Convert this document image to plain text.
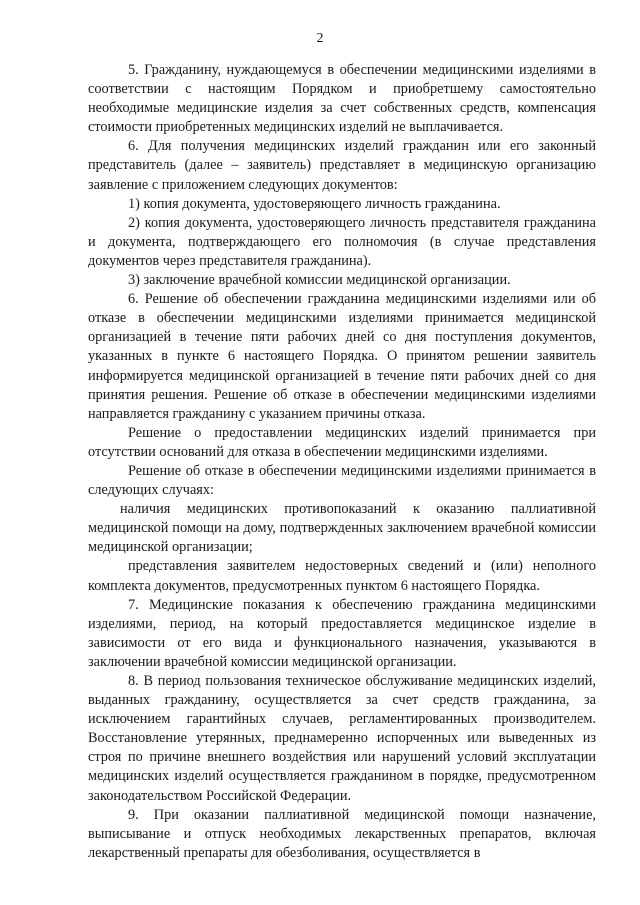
2

5. Гражданину, нуждающемуся в обеспечении медицинскими изделиями в соответствии с настоящим Порядком и приобретшему самостоятельно необходимые медицинские изделия за счет собственных средств, компенсация стоимости приобретенных медицинских изделий не выплачивается.

6. Для получения медицинских изделий гражданин или его законный представитель (далее – заявитель) представляет в медицинскую организацию заявление с приложением следующих документов:

1) копия документа, удостоверяющего личность гражданина.

2) копия документа, удостоверяющего личность представителя гражданина и документа, подтверждающего его полномочия (в случае представления документов через представителя гражданина).

3) заключение врачебной комиссии медицинской организации.

6. Решение об обеспечении гражданина медицинскими изделиями или об отказе в обеспечении медицинскими изделиями принимается медицинской организацией в течение пяти рабочих дней со дня поступления документов, указанных в пункте 6 настоящего Порядка. О принятом решении заявитель информируется медицинской организацией в течение пяти рабочих дней со дня принятия решения. Решение об отказе в обеспечении медицинскими изделиями направляется гражданину с указанием причины отказа.

Решение о предоставлении медицинских изделий принимается при отсутствии оснований для отказа в обеспечении медицинскими изделиями.

Решение об отказе в обеспечении медицинскими изделиями принимается в следующих случаях:

наличия медицинских противопоказаний к оказанию паллиативной медицинской помощи на дому, подтвержденных заключением врачебной комиссии медицинской организации;

представления заявителем недостоверных сведений и (или) неполного комплекта документов, предусмотренных пунктом 6 настоящего Порядка.

7. Медицинские показания к обеспечению гражданина медицинскими изделиями, период, на который предоставляется медицинское изделие в зависимости от его вида и функционального назначения, указываются в заключении врачебной комиссии медицинской организации.

8. В период пользования техническое обслуживание медицинских изделий, выданных гражданину, осуществляется за счет средств гражданина, за исключением гарантийных случаев, регламентированных производителем. Восстановление утерянных, преднамеренно испорченных или выведенных из строя по причине внешнего воздействия или нарушений условий эксплуатации медицинских изделий осуществляется гражданином в порядке, предусмотренном законодательством Российской Федерации.

9. При оказании паллиативной медицинской помощи назначение, выписывание и отпуск необходимых лекарственных препаратов, включая лекарственный препараты для обезболивания, осуществляется в
